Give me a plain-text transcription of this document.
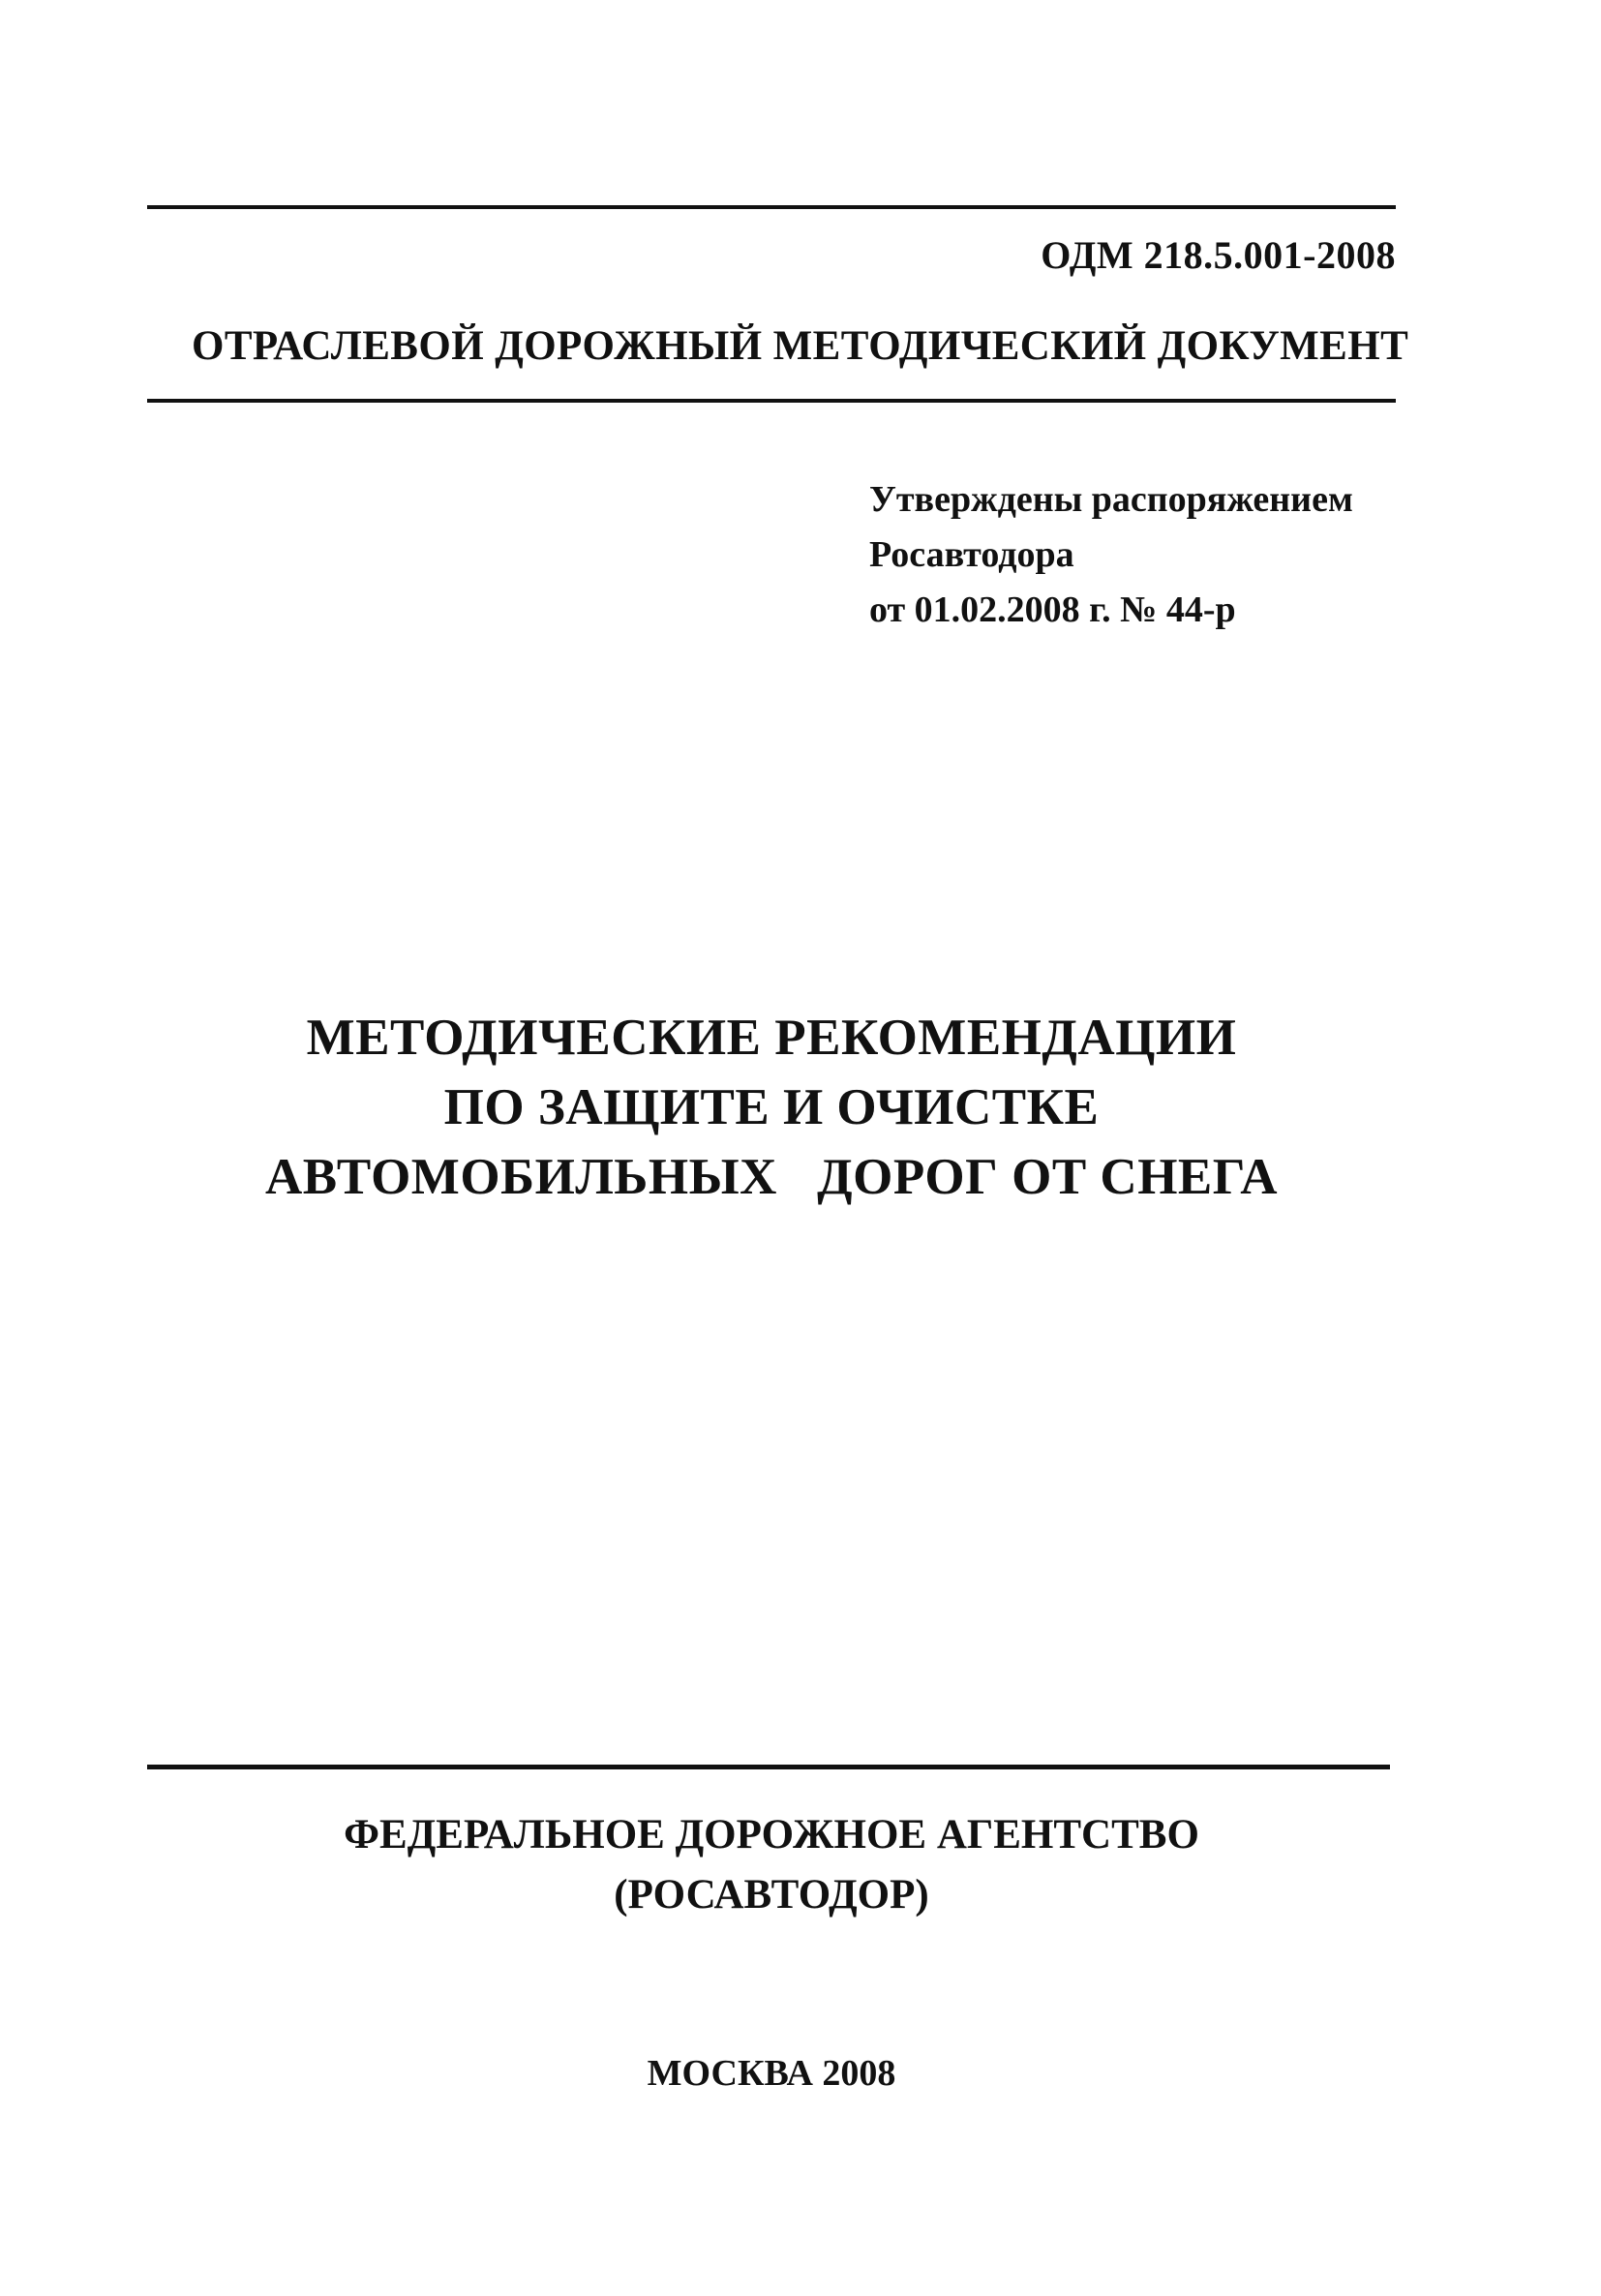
ОДМ 218.5.001-2008
ОТРАСЛЕВОЙ ДОРОЖНЫЙ МЕТОДИЧЕСКИЙ ДОКУМЕНТ
Утверждены распоряжением
Росавтодора
от 01.02.2008 г. № 44-р
МЕТОДИЧЕСКИЕ РЕКОМЕНДАЦИИ
ПО ЗАЩИТЕ И ОЧИСТКЕ
АВТОМОБИЛЬНЫХ   ДОРОГ ОТ СНЕГА
ФЕДЕРАЛЬНОЕ ДОРОЖНОЕ АГЕНТСТВО
(РОСАВТОДОР)
МОСКВА 2008
